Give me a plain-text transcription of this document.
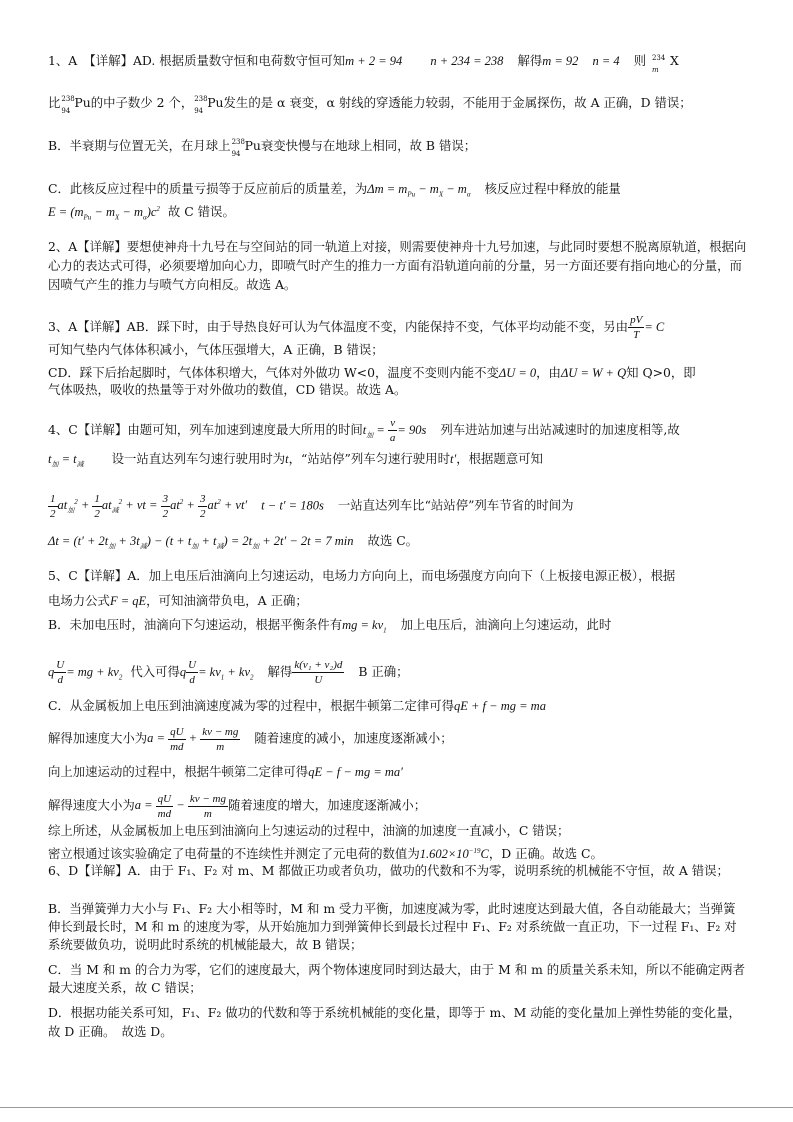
1、A　【详解】AD. 根据质量数守恒和电荷数守恒可知m + 2 = 94 n + 234 = 238 解得m = 92 n = 4 则 234
m
X
比 238
94
Pu的中子数少 2 个， 238
94
Pu发生的是 α 衰变，α 射线的穿透能力较弱，不能用于金属探伤，故 A 正确，D 错误；
B．半衰期与位置无关，在月球上 238
94
Pu衰变快慢与在地球上相同，故 B 错误；
C．此核反应过程中的质量亏损等于反应前后的质量差，为$\Delta m = m_{Pu} - m_X - m_\alpha$ 核反应过程中释放的能量
$E = (m_{Pu} - m_X - m_\alpha)c^2$ 故 C 错误。
2、A【详解】要想使神舟十九号在与空间站的同一轨道上对接，则需要使神舟十九号加速，与此同时要想不脱离原轨道，根据向心力的表达式可得，必须要增加向心力，即喷气时产生的推力一方面有沿轨道向前的分量，另一方面还要有指向地心的分量，而因喷气产生的推力与喷气方向相反。故选 A。
3、A【详解】AB．踩下时，由于导热良好可认为气体温度不变，内能保持不变，气体平均动能不变，另由 $\frac{pV}{T} = C$
可知气垫内气体体积减小，气体压强增大，A 正确，B 错误；
CD．踩下后抬起脚时，气体体积增大，气体对外做功 W<0，温度不变则内能不变ΔU = 0，由ΔU = W + Q知 Q>0，即
气体吸热，吸收的热量等于对外做功的数值，CD 错误。故选 A。
4、C【详解】由题可知，列车加速到速度最大所用的时间$t_加 = \frac{v}{a} = 90s$ 列车进站加速与出站减速时的加速度相等,故
$t_加 = t_减$ 设一站直达列车匀速行驶用时为t，“站站停”列车匀速行驶用时t′，根据题意可知
$\frac{1}{2} at_加^2 + \frac{1}{2} at_减^2$ + vt = $\frac{3}{2} at^2 + \frac{3}{2} at^2 + vt'$ t − t′ = 180s 一站直达列车比“站站停”列车节省的时间为
$\Delta t = (t' + 2t_加 + 3t_减) - (t + t_加 + t_减) = 2t_加 + 2t' - 2t = 7$ min 故选 C。
5、C【详解】A．加上电压后油滴向上匀速运动，电场力方向向上，而电场强度方向向下（上板接电源正极），根据
电场力公式F = qE，可知油滴带负电，A 正确；
B．未加电压时，油滴向下匀速运动，根据平衡条件有mg = $kv_1$ 加上电压后，油滴向上匀速运动，此时
q $\frac{U}{d}$ = mg + $kv_2$ 代入可得q $\frac{U}{d} = kv_1 + kv_2$ 解得 $\frac{\text{k(v₁ + v₂)d}}{U}$ B 正确；
C．从金属板加上电压到油滴速度减为零的过程中，根据牛顿第二定律可得qE + f − mg = ma
解得加速度大小为$a = \frac{qU}{md} + \frac{kv - mg}{m}$ 随着速度的减小，加速度逐渐减小；
向上加速运动的过程中，根据牛顿第二定律可得qE − f − mg = ma′
解得速度大小为$a = \frac{qU}{md} - \frac{kv - mg}{m}$ 随着速度的增大，加速度逐渐减小；
综上所述，从金属板加上电压到油滴向上匀速运动的过程中，油滴的加速度一直减小，C 错误；
密立根通过该实验确定了电荷量的不连续性并测定了元电荷的数值为$1.602\times 10^{-19}C$，D 正确。故选 C。
6、D【详解】A．由于 F₁、F₂ 对 m、M 都做正功或者负功，做功的代数和不为零，说明系统的机械能不守恒，故 A 错误；
B．当弹簧弹力大小与 F₁、F₂ 大小相等时，M 和 m 受力平衡，加速度减为零，此时速度达到最大值，各自动能最大；当弹簧伸长到最长时，M 和 m 的速度为零，从开始施加力到弹簧伸长到最长过程中 F₁、F₂ 对系统做一直正功，下一过程 F₁、F₂ 对系统要做负功，说明此时系统的机械能最大，故 B 错误；
C．当 M 和 m 的合力为零，它们的速度最大，两个物体速度同时到达最大，由于 M 和 m 的质量关系未知，所以不能确定两者最大速度关系，故 C 错误；
D．根据功能关系可知，F₁、F₂ 做功的代数和等于系统机械能的变化量，即等于 m、M 动能的变化量加上弹性势能的变化量，故 D 正确。　故选 D。
